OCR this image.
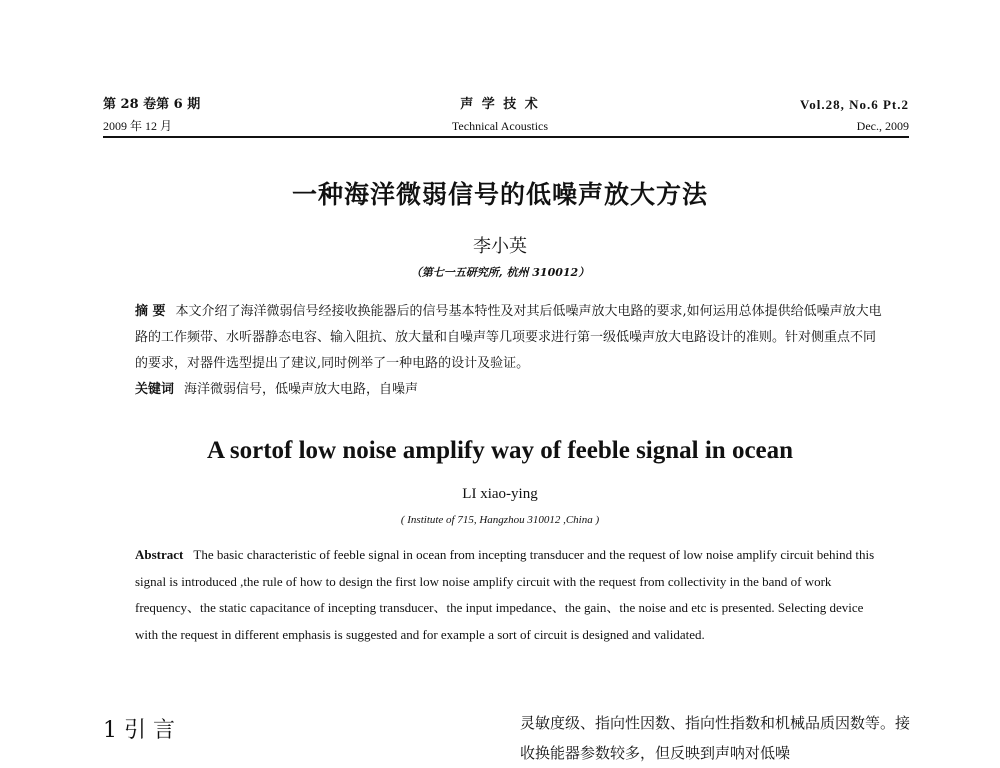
第 28 卷第 6 期
2009 年 12 月
声 学 技 术
Technical Acoustics
Vol.28, No.6 Pt.2
Dec., 2009
一种海洋微弱信号的低噪声放大方法
李小英
（第七一五研究所, 杭州 310012）

摘 要 本文介绍了海洋微弱信号经接收换能器后的信号基本特性及对其后低噪声放大电路的要求,如何运用总体提供给低噪声放大电路的工作频带、水听器静态电容、输入阻抗、放大量和自噪声等几项要求进行第一级低噪声放大电路设计的准则。针对侧重点不同的要求，对器件选型提出了建议,同时例举了一种电路的设计及验证。

关键词 海洋微弱信号，低噪声放大电路，自噪声

A sortof low noise amplify way of feeble signal in ocean
LI xiao-ying
( Institute of 715, Hangzhou 310012 ,China )
Abstract The basic characteristic of feeble signal in ocean from incepting transducer and the request of low noise amplify circuit behind this signal is introduced ,the rule of how to design the first low noise amplify circuit with the request from collectivity in the band of work frequency、the static capacitance of incepting transducer、the input impedance、the gain、the noise and etc is presented. Selecting device with the request in different emphasis is suggested and for example a sort of circuit is designed and validated.
1 引 言	灵敏度级、指向性因数、指向性指数和机械品质因数等。接收换能器参数较多，但反映到声呐对低噪
